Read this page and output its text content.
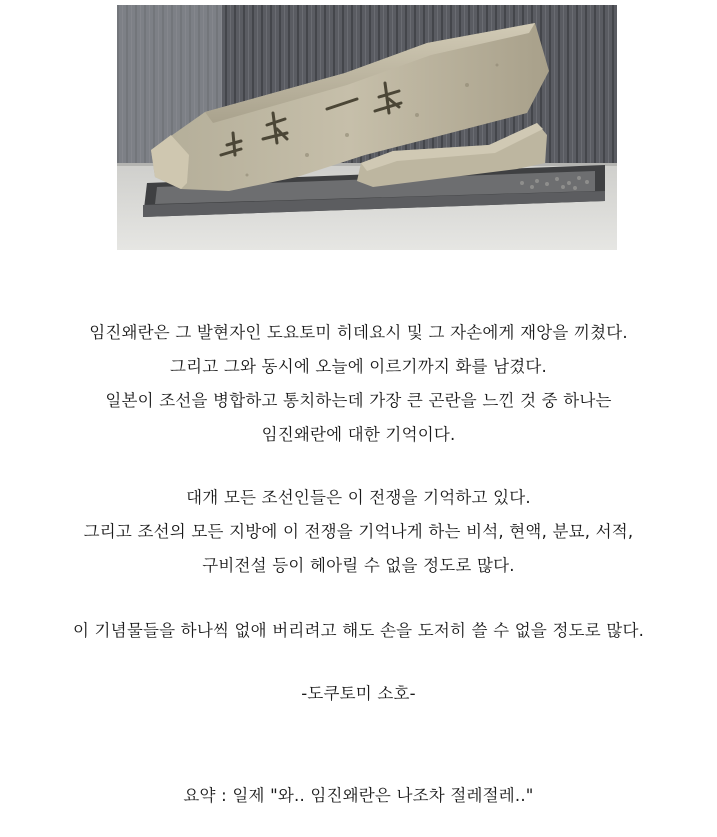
임진왜란은 그 발현자인 도요토미 히데요시 및 그 자손에게 재앙을 끼쳤다.
그리고 그와 동시에 오늘에 이르기까지 화를 남겼다.
일본이 조선을 병합하고 통치하는데 가장 큰 곤란을 느낀 것 중 하나는
임진왜란에 대한 기억이다.
대개 모든 조선인들은 이 전쟁을 기억하고 있다.
그리고 조선의 모든 지방에 이 전쟁을 기억나게 하는 비석, 현액, 분묘, 서적,
구비전설 등이 헤아릴 수 없을 정도로 많다.
이 기념물들을 하나씩 없애 버리려고 해도 손을 도저히 쓸 수 없을 정도로 많다.
-도쿠토미 소호-
요약 : 일제 "와.. 임진왜란은 나조차 절레절레.."
